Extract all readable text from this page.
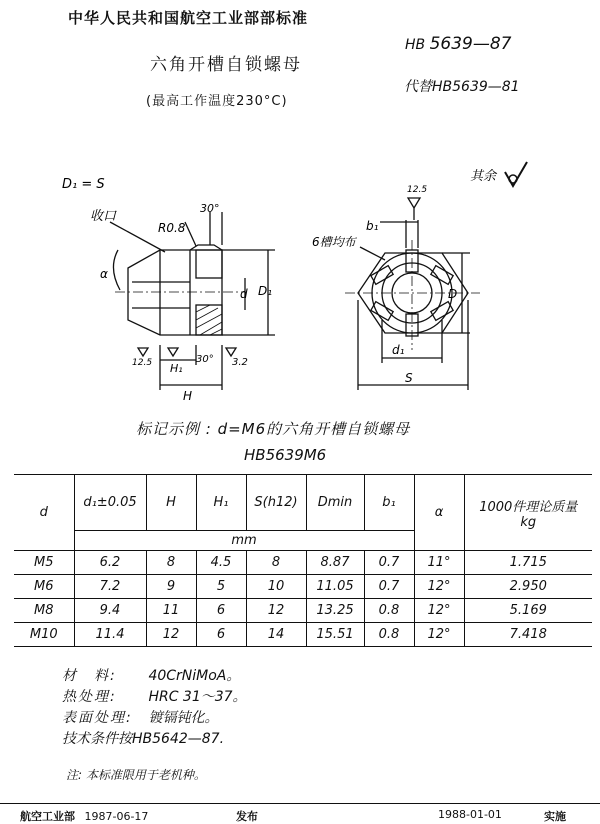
中华人民共和国航空工业部部标准
HB 5639—87
六角开槽自锁螺母
代替HB5639—81
(最高工作温度230°C)
D₁ = S
其余
收口
R0.8
30°
α
d D₁
H₁
H
30° 3.2
12.5
12.5
b₁
6槽均布
D
d₁
S
标记示例 : d=M6的六角开槽自锁螺母
HB5639M6
d	d₁±0.05	H	H₁	S(h12)	Dmin	b₁	α	1000件理论质量 kg
	mm							
M5	6.2	8	4.5	8	8.87	0.7	11°	1.715
M6	7.2	9	5	10	11.05	0.7	12°	2.950
M8	9.4	11	6	12	13.25	0.8	12°	5.169
M10	11.4	12	6	14	15.51	0.8	12°	7.418
材　料: 40CrNiMoA。
热处理: HRC 31～37。
表面处理: 镀镉钝化。
技术条件按HB5642—87.
注: 本标准限用于老机种。
航空工业部 1987-06-17	发布	1988-01-01	实施
